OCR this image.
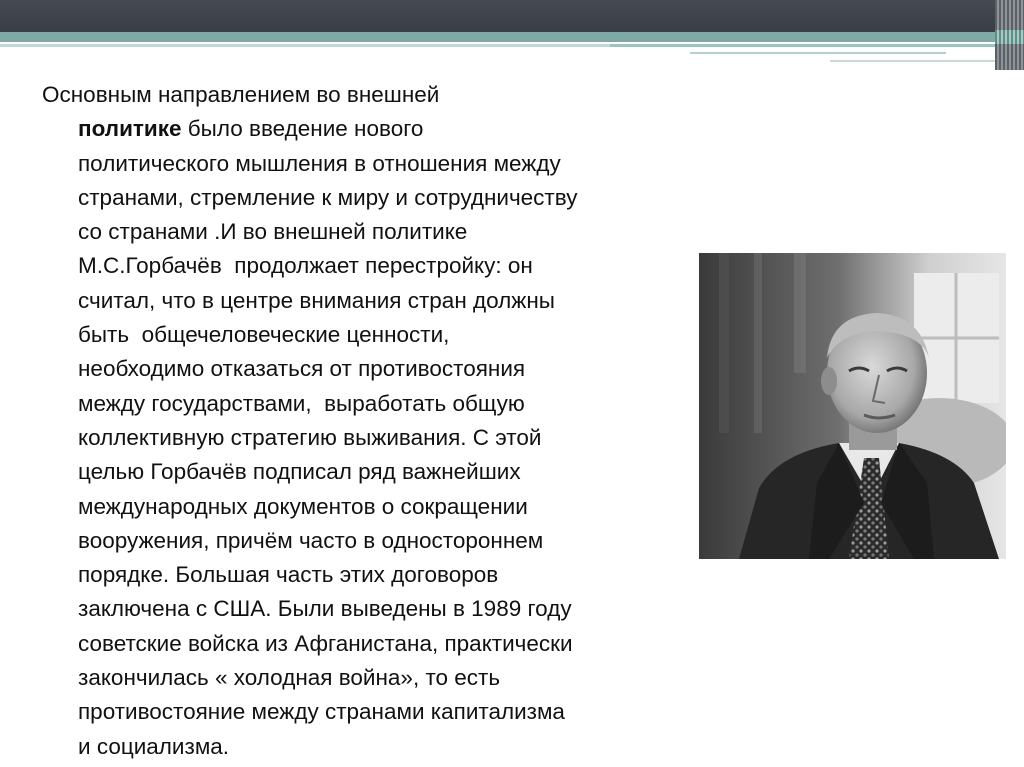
Основным направлением во внешней
политике было введение нового
политического мышления в отношения между
странами, стремление к миру и сотрудничеству
со странами .И во внешней политике
М.С.Горбачёв  продолжает перестройку: он
считал, что в центре внимания стран должны
быть  общечеловеческие ценности,
необходимо отказаться от противостояния
между государствами,  выработать общую
коллективную стратегию выживания. С этой
целью Горбачёв подписал ряд важнейших
международных документов о сокращении
вооружения, причём часто в одностороннем
порядке. Большая часть этих договоров
заключена с США. Были выведены в 1989 году
советские войска из Афганистана, практически
закончилась « холодная война», то есть
противостояние между странами капитализма
и социализма.
